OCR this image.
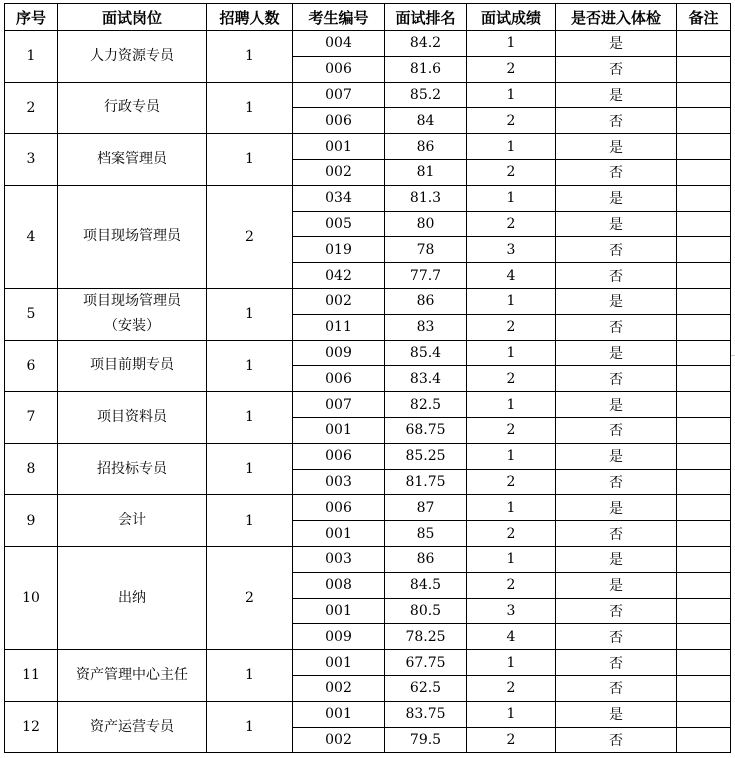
序号	面试岗位	招聘人数	考生编号	面试排名	面试成绩	是否进入体检	备注
1	人力资源专员	1	004	84.2	1	是	
			006	81.6	2	否	
2	行政专员	1	007	85.2	1	是	
			006	84	2	否	
3	档案管理员	1	001	86	1	是	
			002	81	2	否	
4	项目现场管理员	2	034	81.3	1	是	
			005	80	2	是	
			019	78	3	否	
			042	77.7	4	否	
5	项目现场管理员
（安装）	1	002	86	1	是	
			011	83	2	否	
6	项目前期专员	1	009	85.4	1	是	
			006	83.4	2	否	
7	项目资料员	1	007	82.5	1	是	
			001	68.75	2	否	
8	招投标专员	1	006	85.25	1	是	
			003	81.75	2	否	
9	会计	1	006	87	1	是	
			001	85	2	否	
10	出纳	2	003	86	1	是	
			008	84.5	2	是	
			001	80.5	3	否	
			009	78.25	4	否	
11	资产管理中心主任	1	001	67.75	1	否	
			002	62.5	2	否	
12	资产运营专员	1	001	83.75	1	是	
			002	79.5	2	否	
